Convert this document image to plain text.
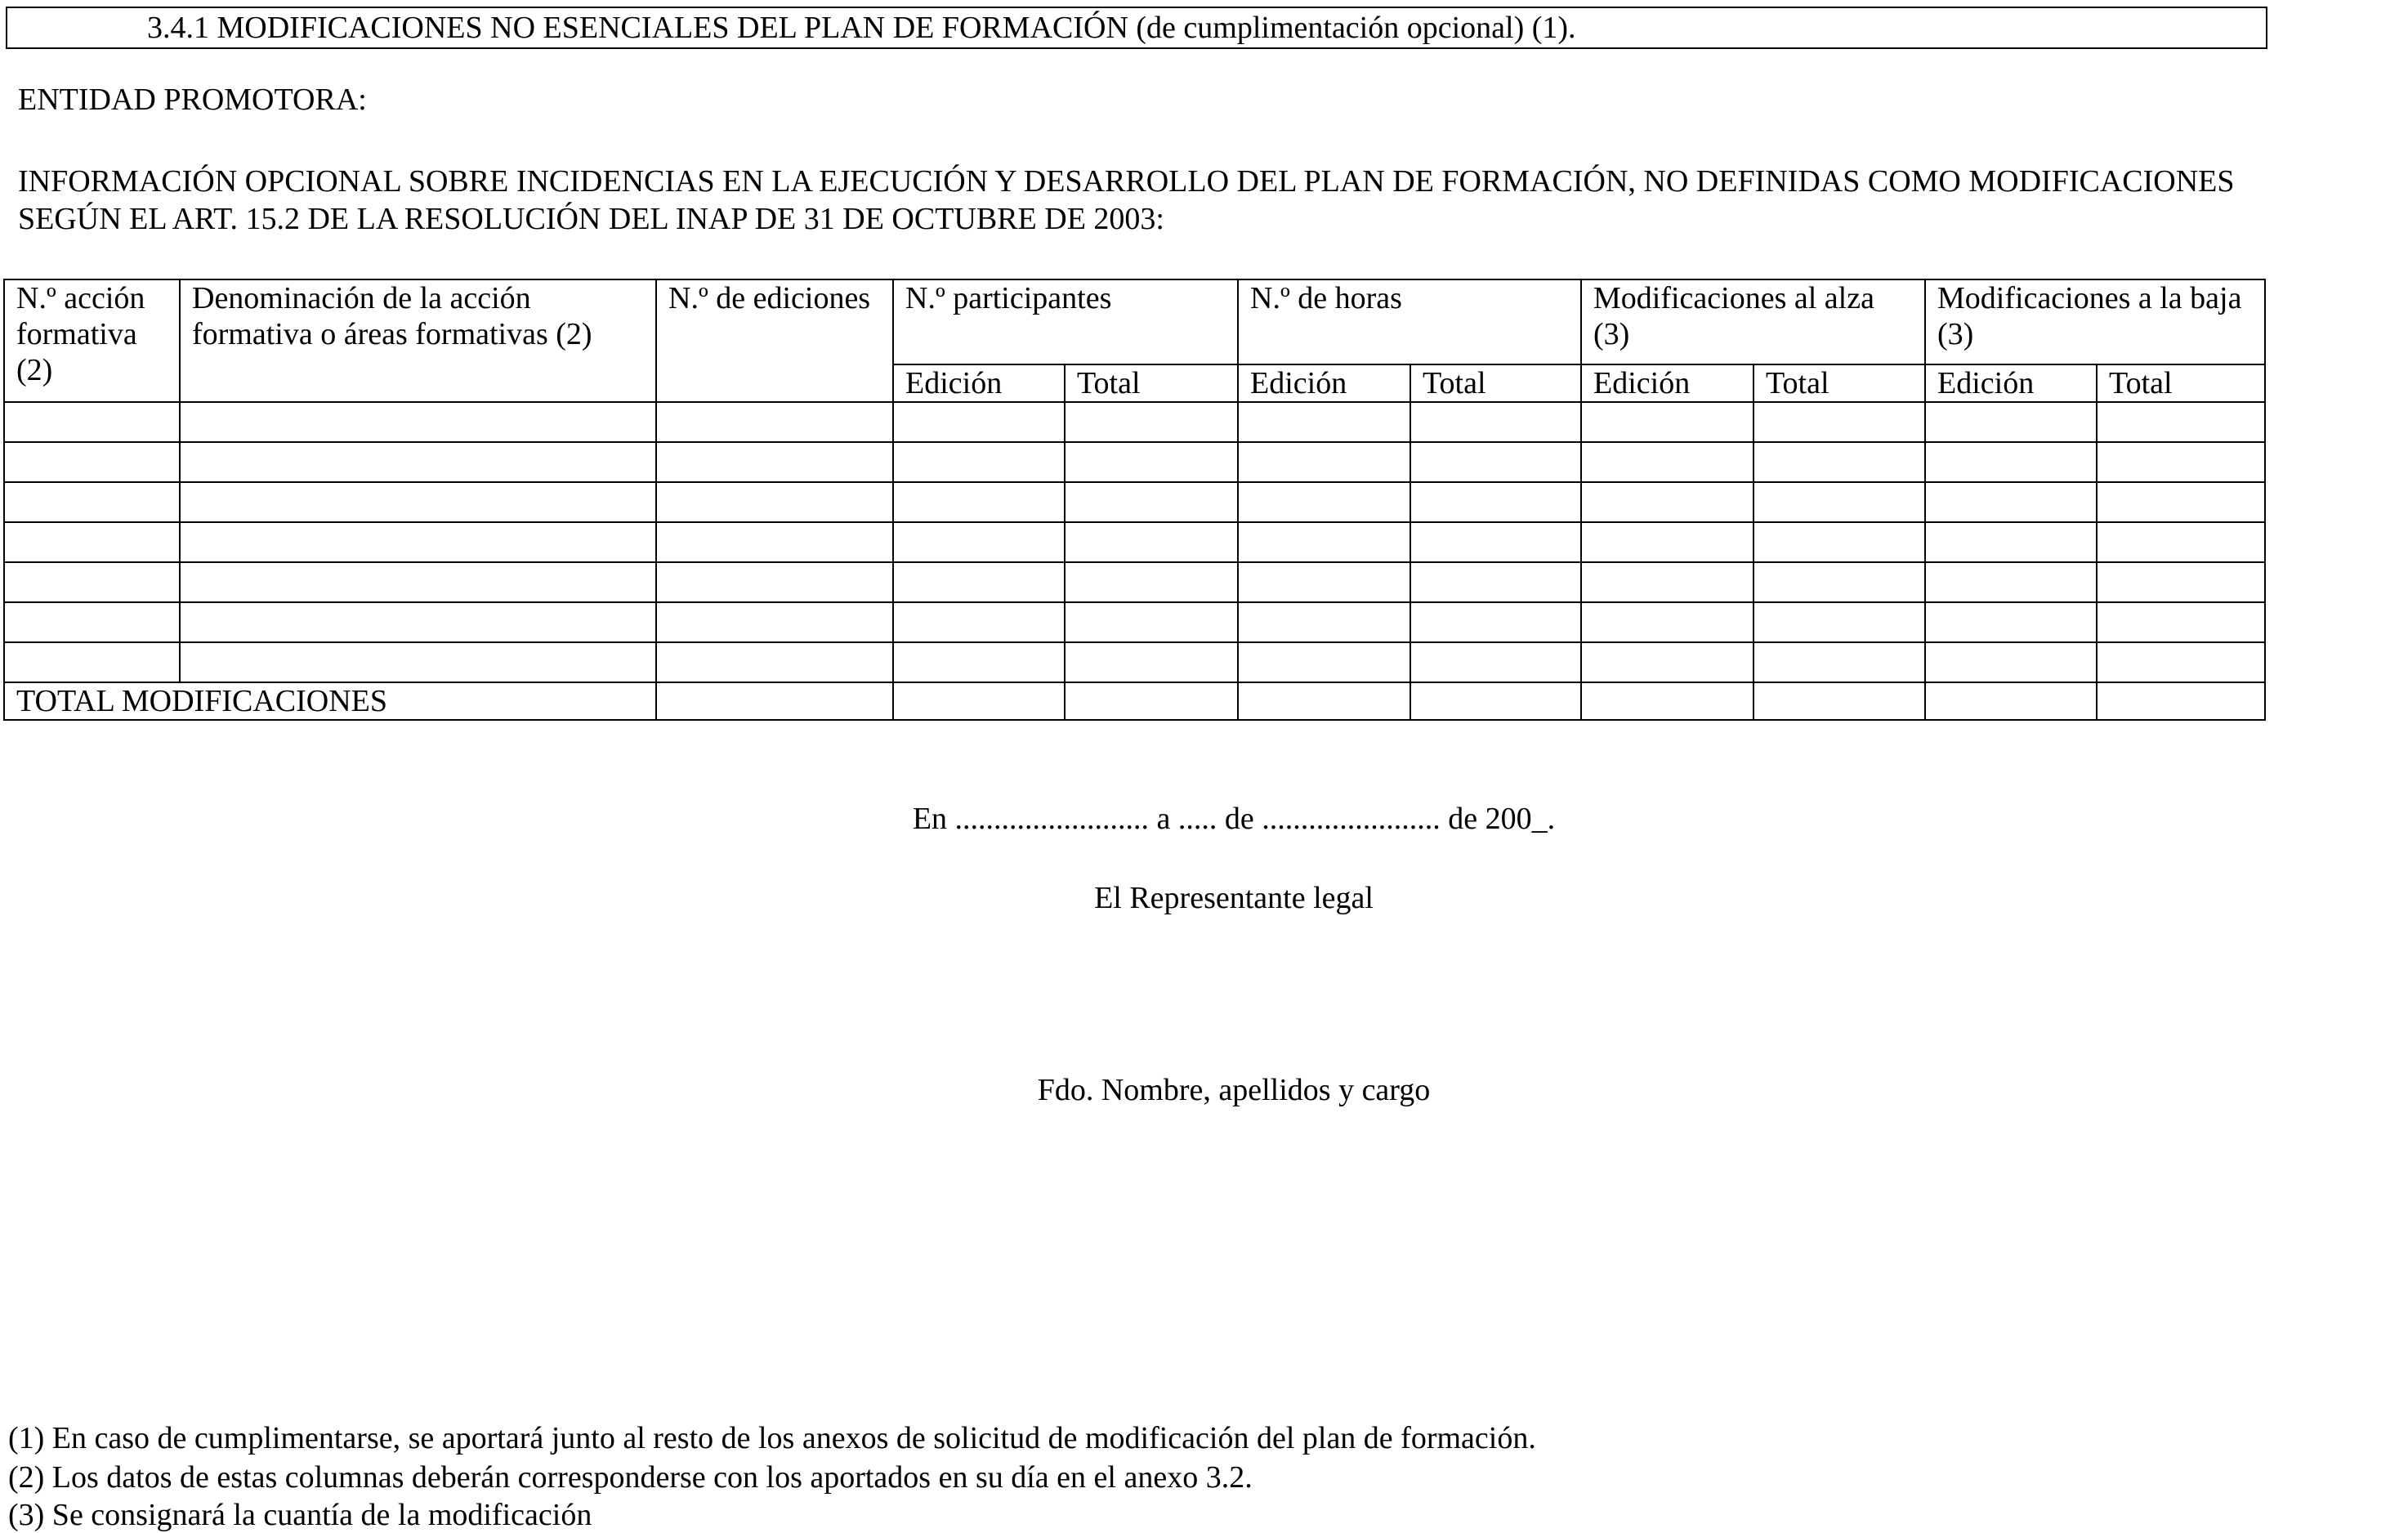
3.4.1 MODIFICACIONES NO ESENCIALES DEL PLAN DE FORMACIÓN (de cumplimentación opcional) (1).
ENTIDAD PROMOTORA:
INFORMACIÓN OPCIONAL SOBRE INCIDENCIAS EN LA EJECUCIÓN Y DESARROLLO DEL PLAN DE FORMACIÓN, NO DEFINIDAS COMO MODIFICACIONES
SEGÚN EL ART. 15.2 DE LA RESOLUCIÓN DEL INAP DE 31 DE OCTUBRE DE 2003:
N.º acción formativa (2)	Denominación de la acción formativa o áreas formativas (2)	N.º de ediciones	N.º participantes		N.º de horas		Modificaciones al alza (3)		Modificaciones a la baja (3)	
			Edición	Total	Edición	Total	Edición	Total	Edición	Total

TOTAL MODIFICACIONES										
En ......................... a ..... de ....................... de 200_.
El Representante legal
Fdo. Nombre, apellidos y cargo
(1) En caso de cumplimentarse, se aportará junto al resto de los anexos de solicitud de modificación del plan de formación.
(2) Los datos de estas columnas deberán corresponderse con los aportados en su día en el anexo 3.2.
(3) Se consignará la cuantía de la modificación
